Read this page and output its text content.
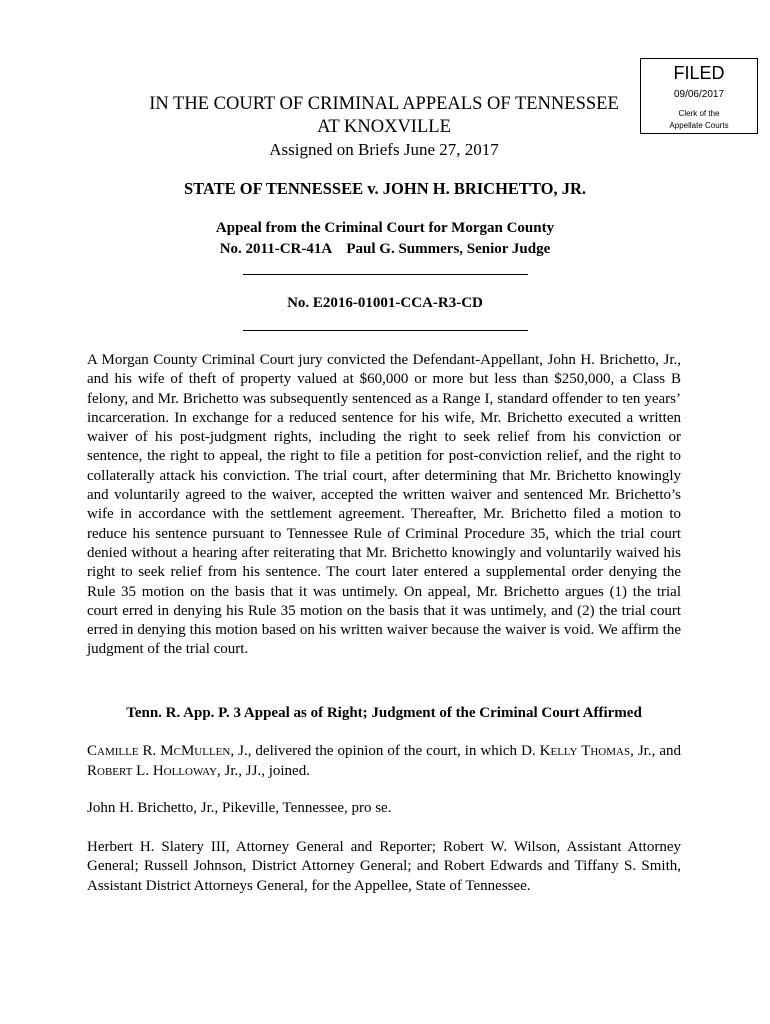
FILED
09/06/2017
Clerk of the
Appellate Courts
IN THE COURT OF CRIMINAL APPEALS OF TENNESSEE
AT KNOXVILLE
Assigned on Briefs June 27, 2017
STATE OF TENNESSEE v. JOHN H. BRICHETTO, JR.
Appeal from the Criminal Court for Morgan County
No. 2011-CR-41A    Paul G. Summers, Senior Judge
No. E2016-01001-CCA-R3-CD
A Morgan County Criminal Court jury convicted the Defendant-Appellant, John H. Brichetto, Jr., and his wife of theft of property valued at $60,000 or more but less than $250,000, a Class B felony, and Mr. Brichetto was subsequently sentenced as a Range I, standard offender to ten years’ incarceration. In exchange for a reduced sentence for his wife, Mr. Brichetto executed a written waiver of his post-judgment rights, including the right to seek relief from his conviction or sentence, the right to appeal, the right to file a petition for post-conviction relief, and the right to collaterally attack his conviction. The trial court, after determining that Mr. Brichetto knowingly and voluntarily agreed to the waiver, accepted the written waiver and sentenced Mr. Brichetto’s wife in accordance with the settlement agreement. Thereafter, Mr. Brichetto filed a motion to reduce his sentence pursuant to Tennessee Rule of Criminal Procedure 35, which the trial court denied without a hearing after reiterating that Mr. Brichetto knowingly and voluntarily waived his right to seek relief from his sentence. The court later entered a supplemental order denying the Rule 35 motion on the basis that it was untimely. On appeal, Mr. Brichetto argues (1) the trial court erred in denying his Rule 35 motion on the basis that it was untimely, and (2) the trial court erred in denying this motion based on his written waiver because the waiver is void. We affirm the judgment of the trial court.
Tenn. R. App. P. 3 Appeal as of Right; Judgment of the Criminal Court Affirmed
Camille R. McMullen, J., delivered the opinion of the court, in which D. Kelly Thomas, Jr., and Robert L. Holloway, Jr., JJ., joined.
John H. Brichetto, Jr., Pikeville, Tennessee, pro se.
Herbert H. Slatery III, Attorney General and Reporter; Robert W. Wilson, Assistant Attorney General; Russell Johnson, District Attorney General; and Robert Edwards and Tiffany S. Smith, Assistant District Attorneys General, for the Appellee, State of Tennessee.
